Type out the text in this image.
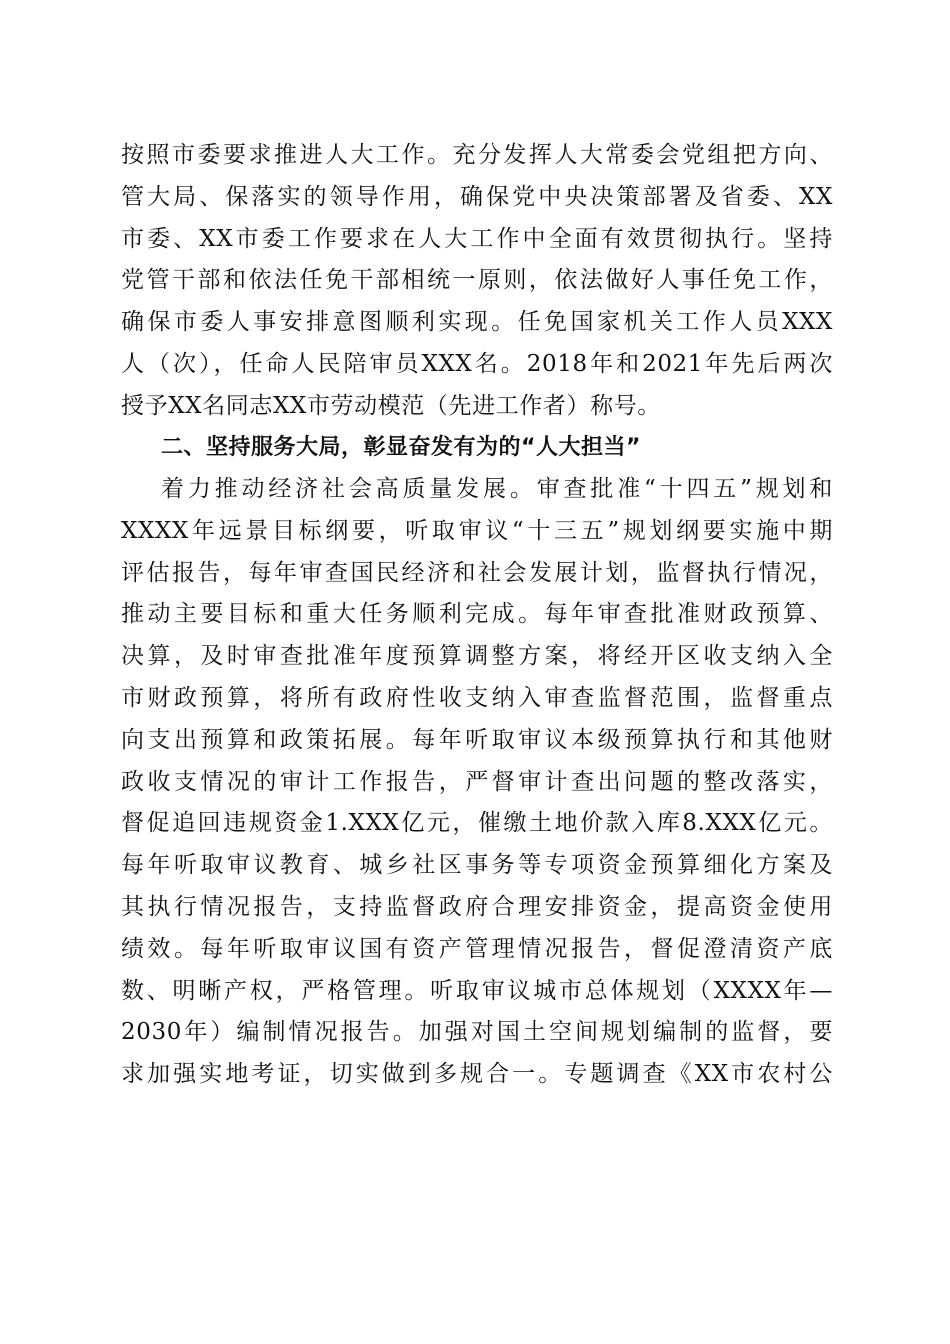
按照市委要求推进人大工作。充分发挥人大常委会党组把方向、
管大局、保落实的领导作用，确保党中央决策部署及省委、XX
市委、XX市委工作要求在人大工作中全面有效贯彻执行。坚持
党管干部和依法任免干部相统一原则，依法做好人事任免工作，
确保市委人事安排意图顺利实现。任免国家机关工作人员XXX
人（次），任命人民陪审员XXX名。2018年和2021年先后两次
授予XX名同志XX市劳动模范（先进工作者）称号。
二、坚持服务大局，彰显奋发有为的“人大担当”
着力推动经济社会高质量发展。审查批准“十四五”规划和
XXXX年远景目标纲要，听取审议“十三五”规划纲要实施中期
评估报告，每年审查国民经济和社会发展计划，监督执行情况，
推动主要目标和重大任务顺利完成。每年审查批准财政预算、
决算，及时审查批准年度预算调整方案，将经开区收支纳入全
市财政预算，将所有政府性收支纳入审查监督范围，监督重点
向支出预算和政策拓展。每年听取审议本级预算执行和其他财
政收支情况的审计工作报告，严督审计查出问题的整改落实，
督促追回违规资金1.XXX亿元，催缴土地价款入库8.XXX亿元。
每年听取审议教育、城乡社区事务等专项资金预算细化方案及
其执行情况报告，支持监督政府合理安排资金，提高资金使用
绩效。每年听取审议国有资产管理情况报告，督促澄清资产底
数、明晰产权，严格管理。听取审议城市总体规划（XXXX年—
2030年）编制情况报告。加强对国土空间规划编制的监督，要
求加强实地考证，切实做到多规合一。专题调查《XX市农村公
